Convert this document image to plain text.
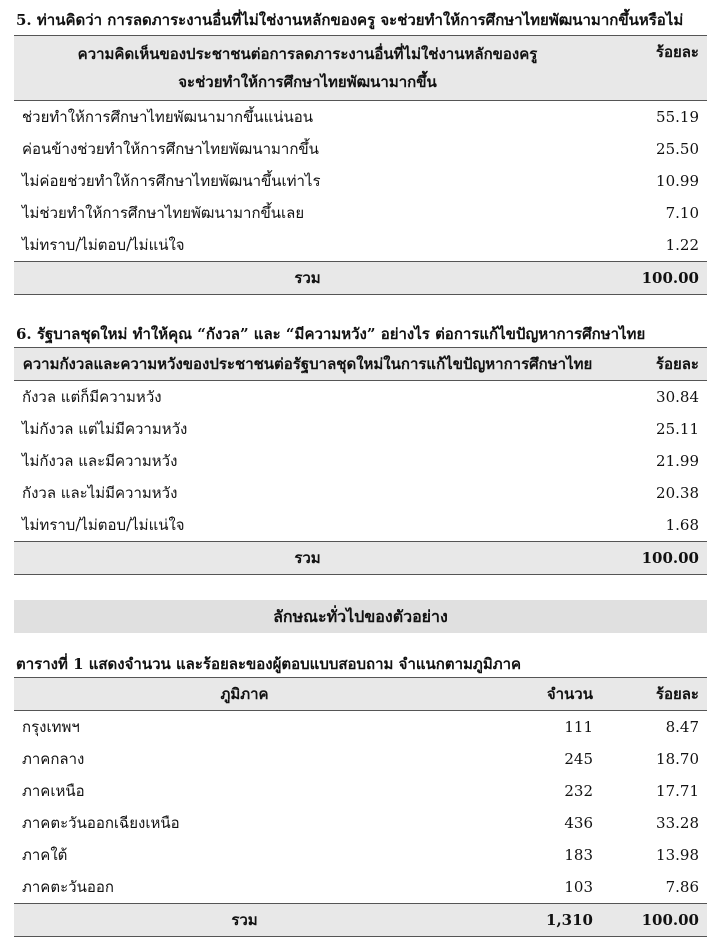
5. ท่านคิดว่า การลดภาระงานอื่นที่ไม่ใช่งานหลักของครู จะช่วยทำให้การศึกษาไทยพัฒนามากขึ้นหรือไม่
ความคิดเห็นของประชาชนต่อการลดภาระงานอื่นที่ไม่ใช่งานหลักของครู
จะช่วยทำให้การศึกษาไทยพัฒนามากขึ้น	ร้อยละ
ช่วยทำให้การศึกษาไทยพัฒนามากขึ้นแน่นอน	55.19
ค่อนข้างช่วยทำให้การศึกษาไทยพัฒนามากขึ้น	25.50
ไม่ค่อยช่วยทำให้การศึกษาไทยพัฒนาขึ้นเท่าไร	10.99
ไม่ช่วยทำให้การศึกษาไทยพัฒนามากขึ้นเลย	7.10
ไม่ทราบ/ไม่ตอบ/ไม่แน่ใจ	1.22
รวม	100.00
6. รัฐบาลชุดใหม่ ทำให้คุณ “กังวล” และ “มีความหวัง” อย่างไร ต่อการแก้ไขปัญหาการศึกษาไทย
ความกังวลและความหวังของประชาชนต่อรัฐบาลชุดใหม่ในการแก้ไขปัญหาการศึกษาไทย	ร้อยละ
กังวล แต่ก็มีความหวัง	30.84
ไม่กังวล แต่ไม่มีความหวัง	25.11
ไม่กังวล และมีความหวัง	21.99
กังวล และไม่มีความหวัง	20.38
ไม่ทราบ/ไม่ตอบ/ไม่แน่ใจ	1.68
รวม	100.00
ลักษณะทั่วไปของตัวอย่าง
ตารางที่ 1 แสดงจำนวน และร้อยละของผู้ตอบแบบสอบถาม จำแนกตามภูมิภาค
ภูมิภาค	จำนวน	ร้อยละ
กรุงเทพฯ	111	8.47
ภาคกลาง	245	18.70
ภาคเหนือ	232	17.71
ภาคตะวันออกเฉียงเหนือ	436	33.28
ภาคใต้	183	13.98
ภาคตะวันออก	103	7.86
รวม	1,310	100.00
